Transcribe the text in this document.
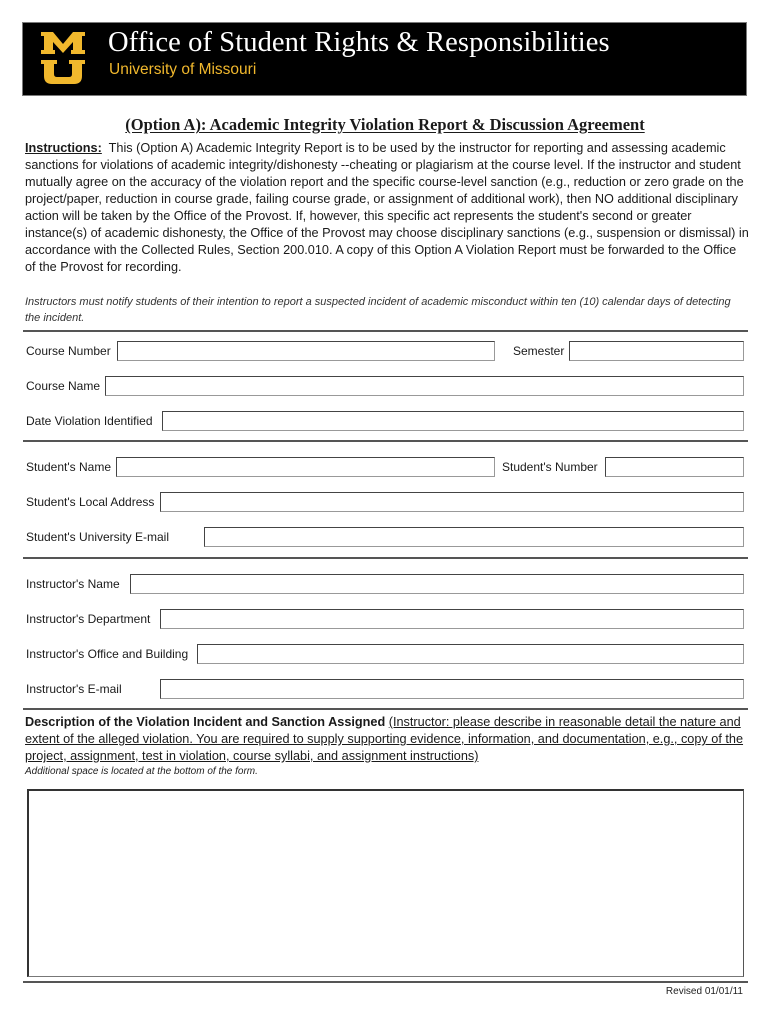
Office of Student Rights & Responsibilities
University of Missouri
(Option A): Academic Integrity Violation Report & Discussion Agreement
Instructions: This (Option A) Academic Integrity Report is to be used by the instructor for reporting and assessing academic sanctions for violations of academic integrity/dishonesty --cheating or plagiarism at the course level. If the instructor and student mutually agree on the accuracy of the violation report and the specific course-level sanction (e.g., reduction or zero grade on the project/paper, reduction in course grade, failing course grade, or assignment of additional work), then NO additional disciplinary action will be taken by the Office of the Provost. If, however, this specific act represents the student's second or greater instance(s) of academic dishonesty, the Office of the Provost may choose disciplinary sanctions (e.g., suspension or dismissal) in accordance with the Collected Rules, Section 200.010. A copy of this Option A Violation Report must be forwarded to the Office of the Provost for recording.
Instructors must notify students of their intention to report a suspected incident of academic misconduct within ten (10) calendar days of detecting the incident.
Course Number	Semester
Course Name
Date Violation Identified
Student's Name	Student's Number
Student's Local Address
Student's University E-mail
Instructor's Name
Instructor's Department
Instructor's Office and Building
Instructor's E-mail
Description of the Violation Incident and Sanction Assigned (Instructor: please describe in reasonable detail the nature and extent of the alleged violation. You are required to supply supporting evidence, information, and documentation, e.g., copy of the project, assignment, test in violation, course syllabi, and assignment instructions)
Additional space is located at the bottom of the form.
Revised 01/01/11
